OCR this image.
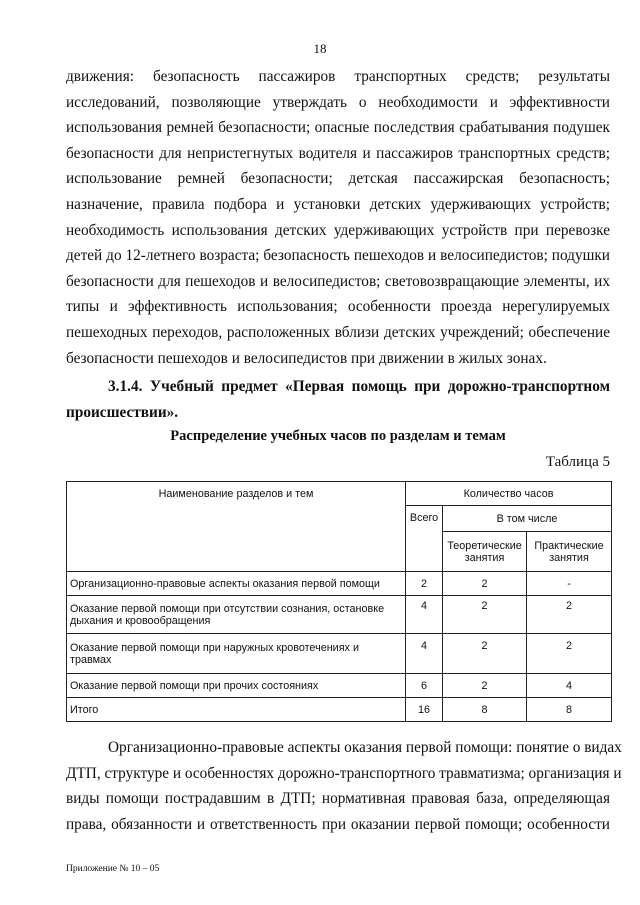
18
движения: безопасность пассажиров транспортных средств; результаты
исследований, позволяющие утверждать о необходимости и эффективности
использования ремней безопасности; опасные последствия срабатывания подушек
безопасности для непристегнутых водителя и пассажиров транспортных средств;
использование ремней безопасности; детская пассажирская безопасность;
назначение, правила подбора и установки детских удерживающих устройств;
необходимость использования детских удерживающих устройств при перевозке
детей до 12-летнего возраста; безопасность пешеходов и велосипедистов; подушки
безопасности для пешеходов и велосипедистов; световозвращающие элементы, их
типы и эффективность использования; особенности проезда нерегулируемых
пешеходных переходов, расположенных вблизи детских учреждений; обеспечение
безопасности пешеходов и велосипедистов при движении в жилых зонах.
3.1.4. Учебный предмет «Первая помощь при дорожно-транспортном
происшествии».
Распределение учебных часов по разделам и темам
Таблица 5
Наименование разделов и тем	Количество часов		
	Всего	В том числе	
		Теоретические занятия	Практические занятия
Организационно-правовые аспекты оказания первой помощи	2	2	-
Оказание первой помощи при отсутствии сознания, остановке дыхания и кровообращения	4	2	2
Оказание первой помощи при наружных кровотечениях и травмах	4	2	2
Оказание первой помощи при прочих состояниях	6	2	4
Итого	16	8	8
Организационно-правовые аспекты оказания первой помощи: понятие о видах
ДТП, структуре и особенностях дорожно-транспортного травматизма; организация и
виды помощи пострадавшим в ДТП; нормативная правовая база, определяющая
права, обязанности и ответственность при оказании первой помощи; особенности
Приложение № 10 – 05
